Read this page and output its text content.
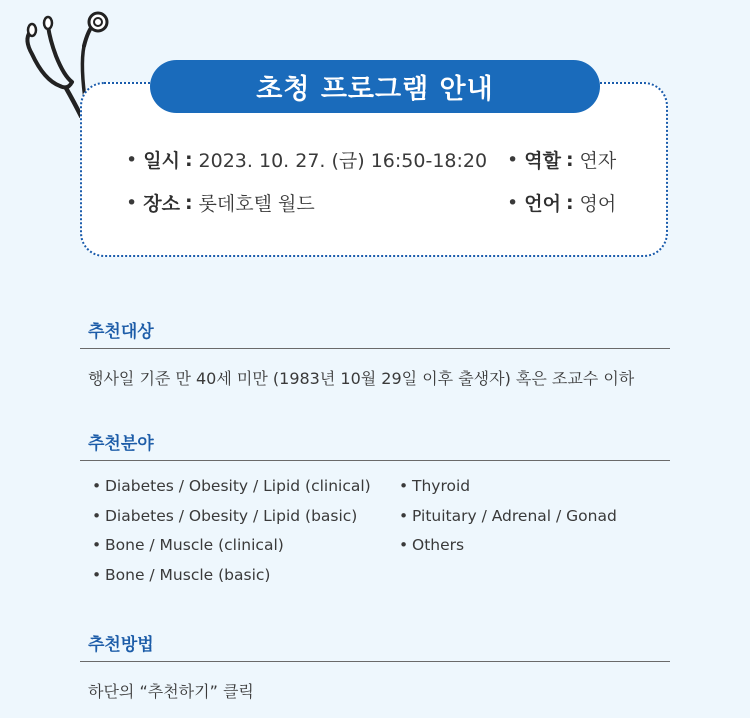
초청 프로그램 안내
• 일시 : 2023. 10. 27. (금) 16:50-18:20
• 장소 : 롯데호텔 월드
• 역할 : 연자
• 언어 : 영어
추천대상
행사일 기준 만 40세 미만 (1983년 10월 29일 이후 출생자) 혹은 조교수 이하
추천분야
• Diabetes / Obesity / Lipid (clinical)
• Diabetes / Obesity / Lipid (basic)
• Bone / Muscle (clinical)
• Bone / Muscle (basic)
• Thyroid
• Pituitary / Adrenal / Gonad
• Others
추천방법
하단의 “추천하기” 클릭
